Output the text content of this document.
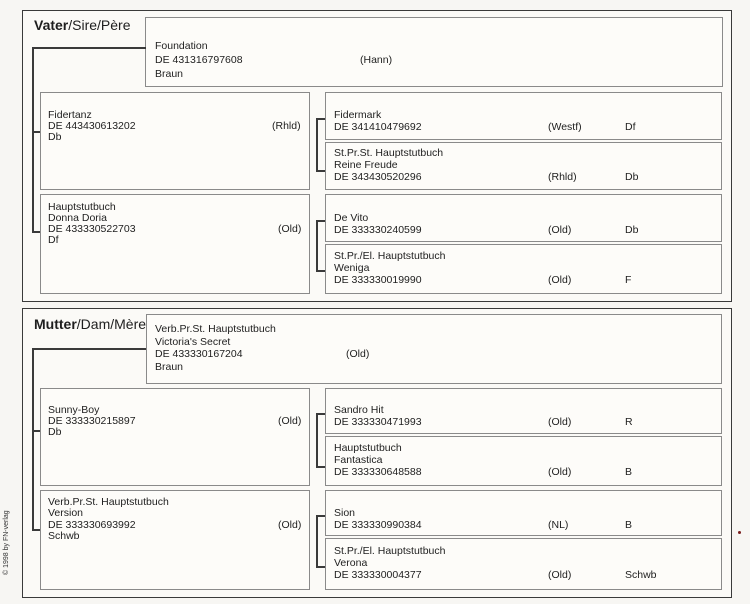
Vater/Sire/Père
Foundation
DE 431316797608	(Hann)
Braun
Fidertanz
DE 443430613202	(Rhld)
Db
Fidermark
DE 341410479692	(Westf)	Df
St.Pr.St. Hauptstutbuch
Reine Freude
DE 343430520296	(Rhld)	Db
Hauptstutbuch
Donna Doria
DE 433330522703	(Old)
Df
De Vito
DE 333330240599	(Old)	Db
St.Pr./El. Hauptstutbuch
Weniga
DE 333330019990	(Old)	F
Mutter/Dam/Mère Verb.Pr.St. Hauptstutbuch
Victoria's Secret
DE 433330167204	(Old)
Braun
Sunny-Boy
DE 333330215897	(Old)
Db
Sandro Hit
DE 333330471993	(Old)	R
Hauptstutbuch
Fantastica
DE 333330648588	(Old)	B
Verb.Pr.St. Hauptstutbuch
Version
DE 333330693992	(Old)
Schwb
Sion
DE 333330990384	(NL)	B
St.Pr./El. Hauptstutbuch
Verona
DE 333330004377	(Old)	Schwb
© 1998 by FN-verlag
